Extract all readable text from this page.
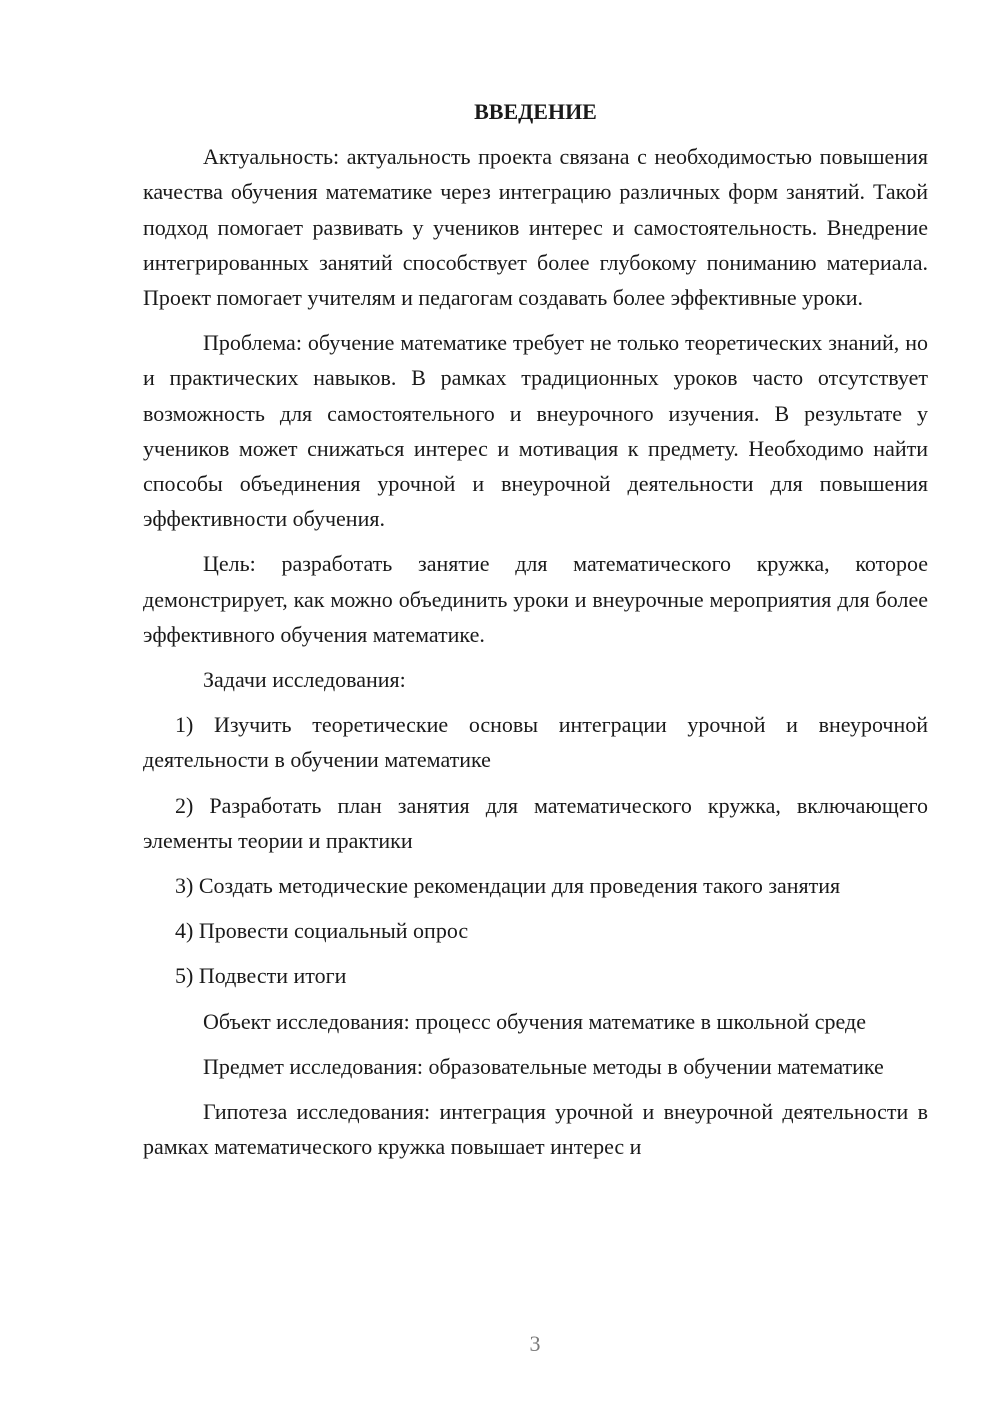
ВВЕДЕНИЕ

Актуальность: актуальность проекта связана с необходимостью повышения качества обучения математике через интеграцию различных форм занятий. Такой подход помогает развивать у учеников интерес и самостоятельность. Внедрение интегрированных занятий способствует более глубокому пониманию материала. Проект помогает учителям и педагогам создавать более эффективные уроки.

Проблема: обучение математике требует не только теоретических знаний, но и практических навыков. В рамках традиционных уроков часто отсутствует возможность для самостоятельного и внеурочного изучения. В результате у учеников может снижаться интерес и мотивация к предмету. Необходимо найти способы объединения урочной и внеурочной деятельности для повышения эффективности обучения.

Цель: разработать занятие для математического кружка, которое демонстрирует, как можно объединить уроки и внеурочные мероприятия для более эффективного обучения математике.

Задачи исследования:

1) Изучить теоретические основы интеграции урочной и внеурочной деятельности в обучении математике

2) Разработать план занятия для математического кружка, включающего элементы теории и практики

3) Создать методические рекомендации для проведения такого занятия

4) Провести социальный опрос

5) Подвести итоги

Объект исследования: процесс обучения математике в школьной среде

Предмет исследования: образовательные методы в обучении математике

Гипотеза исследования: интеграция урочной и внеурочной деятельности в рамках математического кружка повышает интерес и

3
